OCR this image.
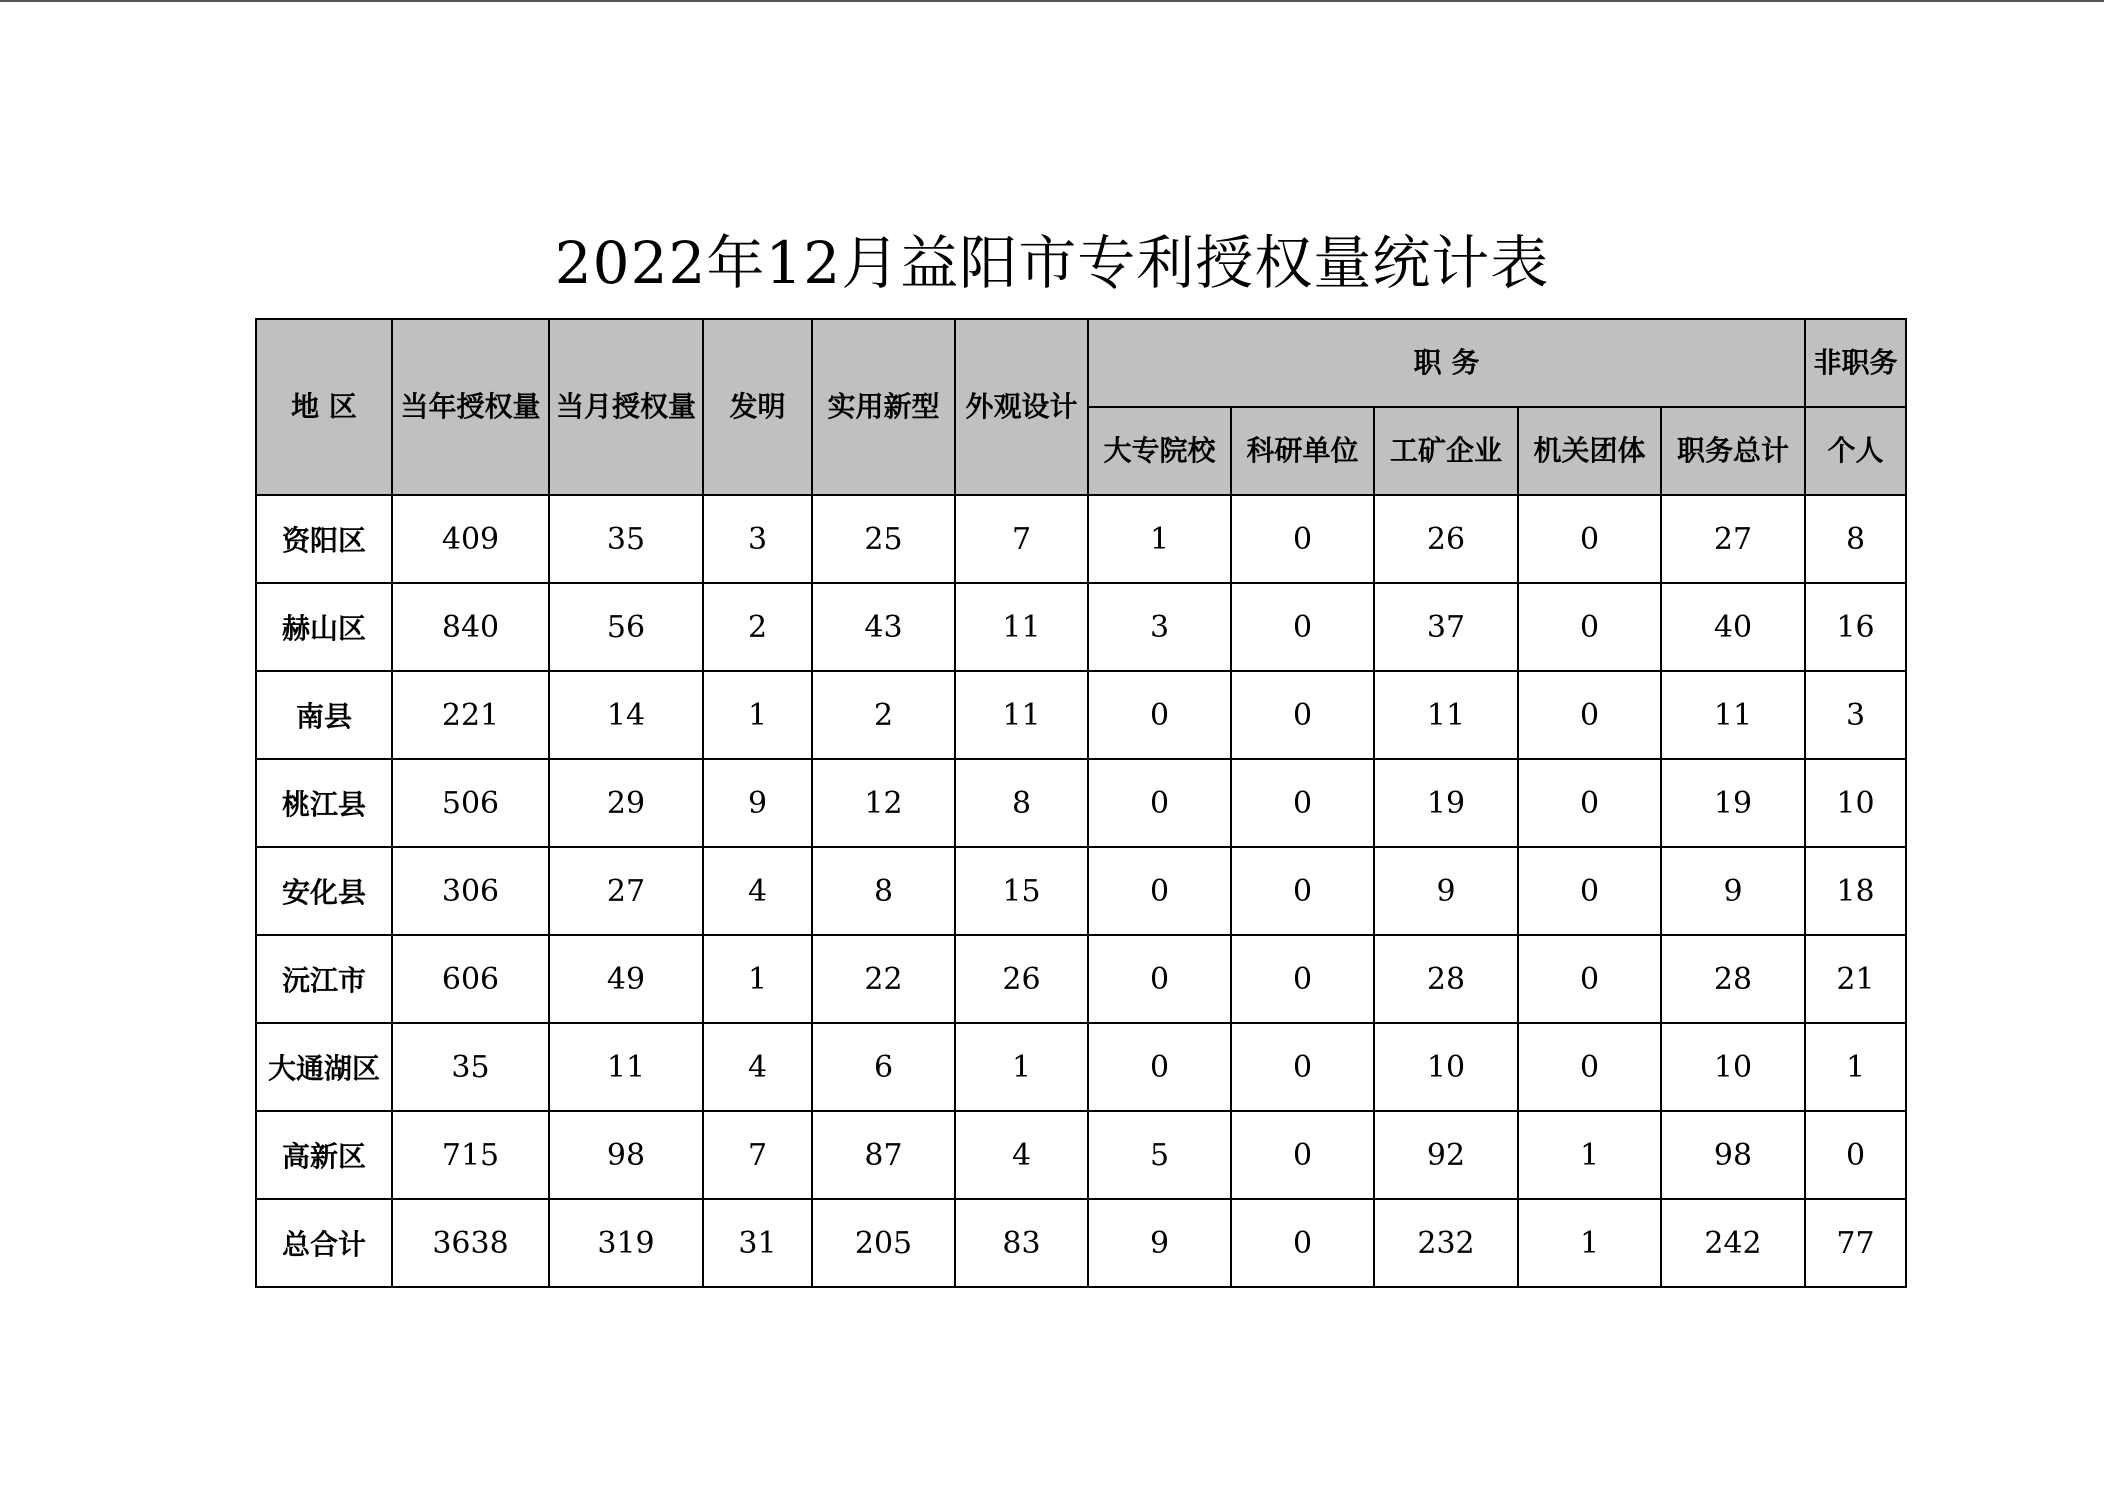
2022年12月益阳市专利授权量统计表
地 区	当年授权量	当月授权量	发明	实用新型	外观设计	职 务					非职务
						大专院校	科研单位	工矿企业	机关团体	职务总计	个人
资阳区	409	35	3	25	7	1	0	26	0	27	8
赫山区	840	56	2	43	11	3	0	37	0	40	16
南县	221	14	1	2	11	0	0	11	0	11	3
桃江县	506	29	9	12	8	0	0	19	0	19	10
安化县	306	27	4	8	15	0	0	9	0	9	18
沅江市	606	49	1	22	26	0	0	28	0	28	21
大通湖区	35	11	4	6	1	0	0	10	0	10	1
高新区	715	98	7	87	4	5	0	92	1	98	0
总合计	3638	319	31	205	83	9	0	232	1	242	77
